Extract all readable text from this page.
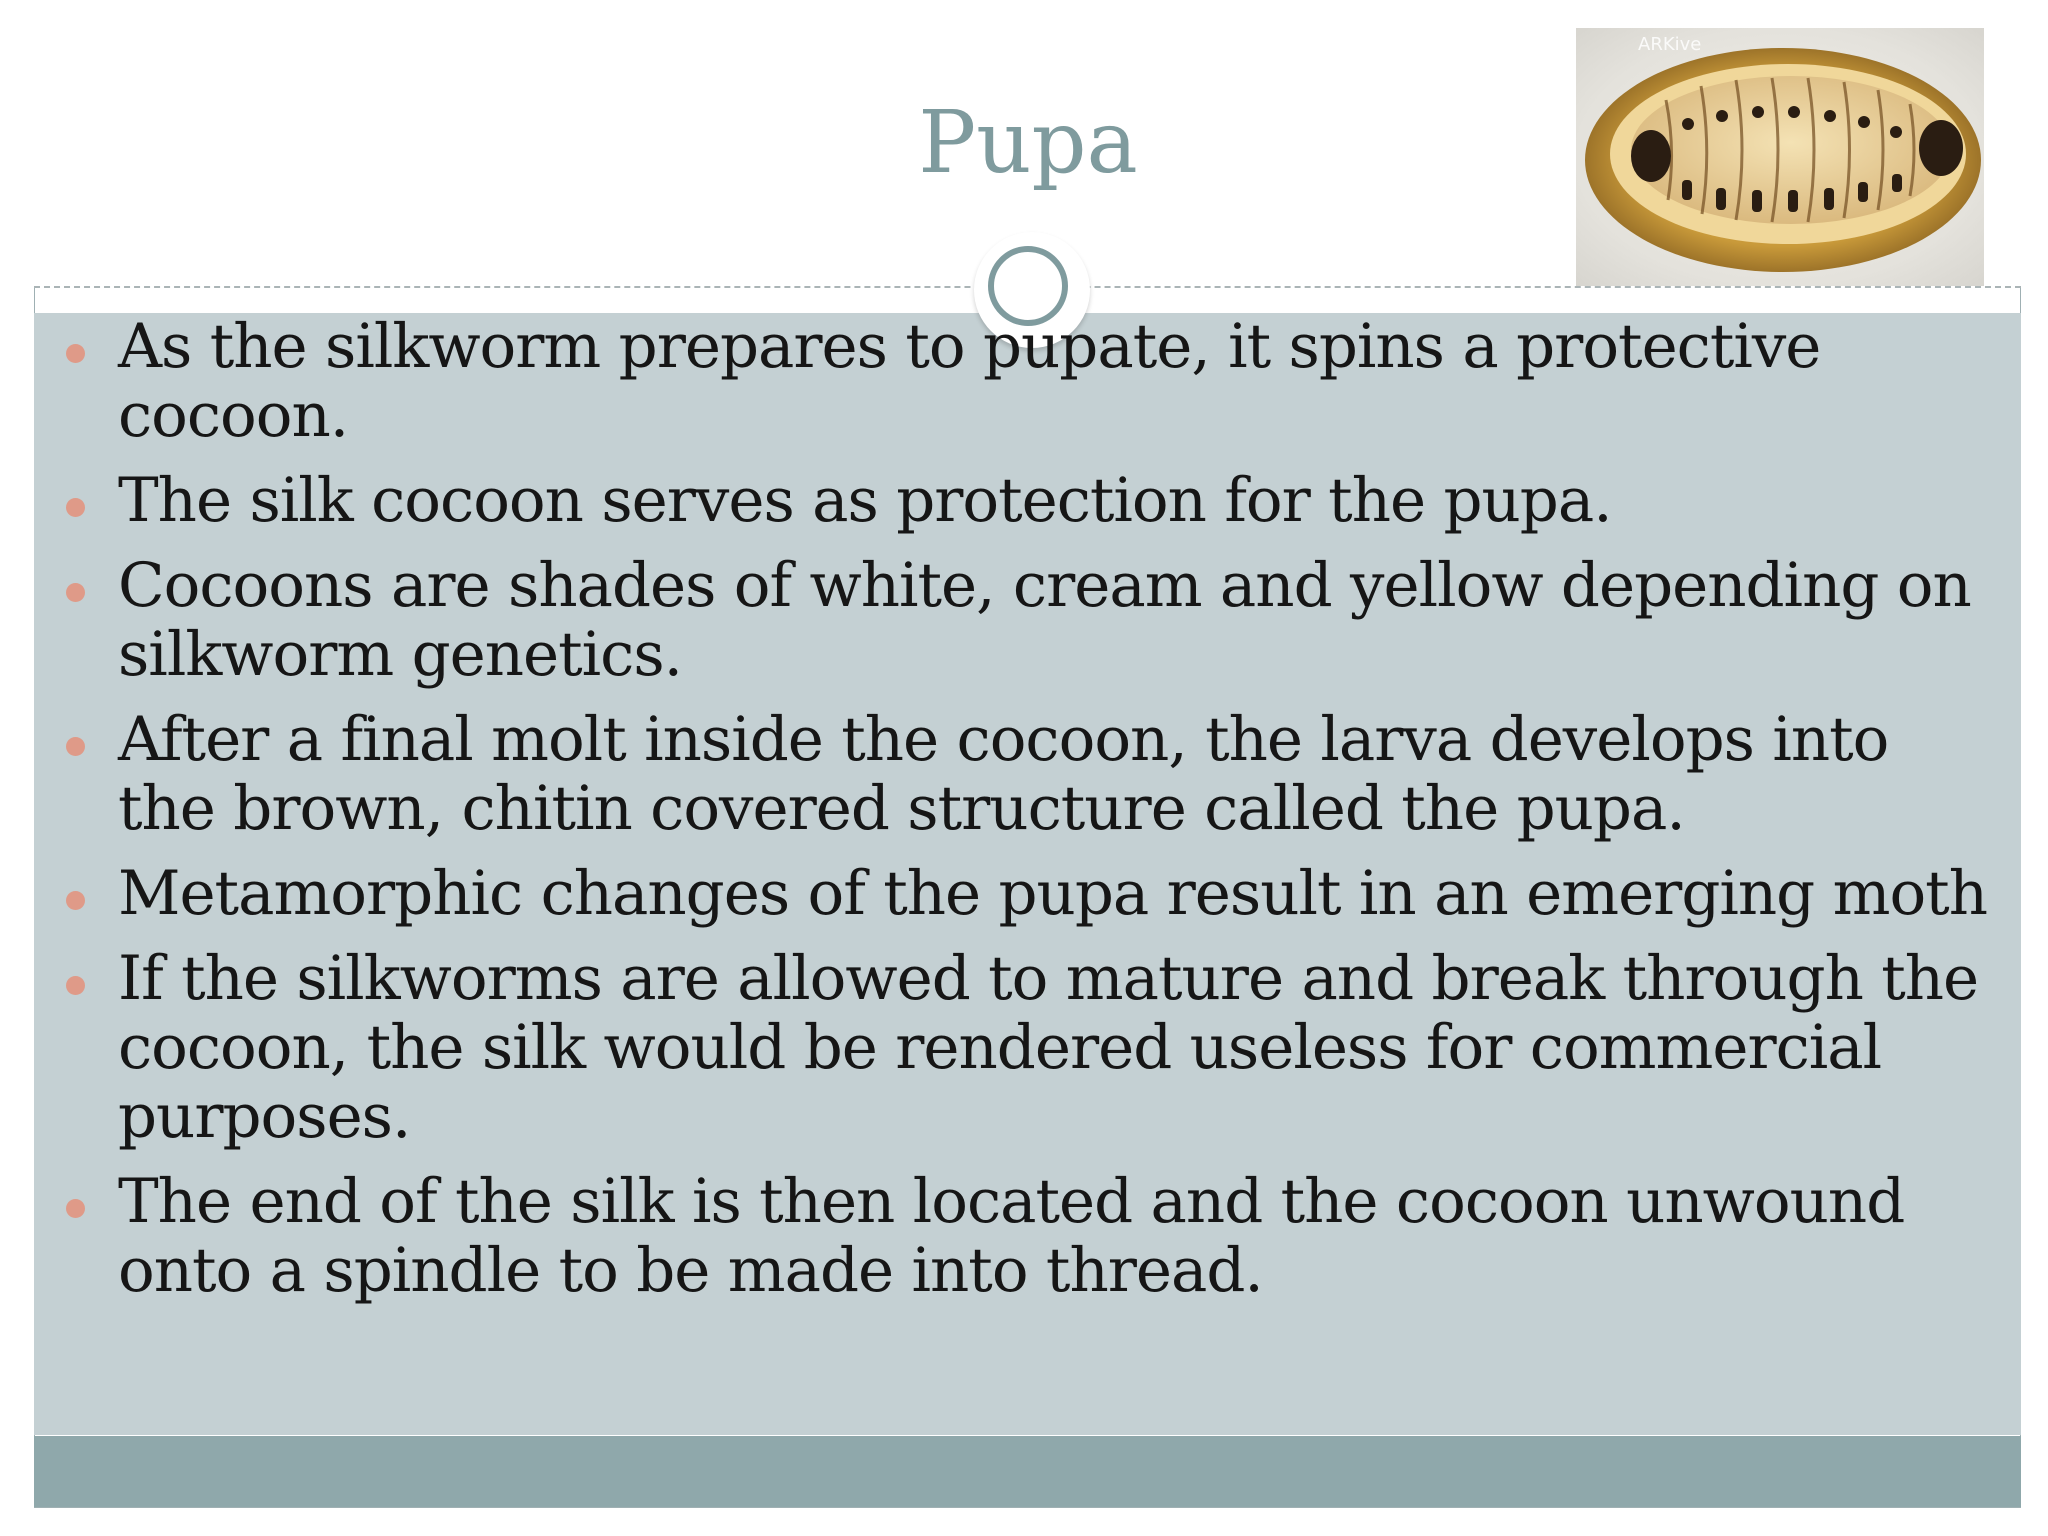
Pupa
ARKive
As the silkworm prepares to pupate, it spins a protective cocoon.
The silk cocoon serves as protection for the pupa.
Cocoons are shades of white, cream and yellow depending on silkworm genetics.
After a final molt inside the cocoon, the larva develops into the brown, chitin covered structure called the pupa.
Metamorphic changes of the pupa result in an emerging moth
If the silkworms are allowed to mature and break through the cocoon, the silk would be rendered useless for commercial purposes.
The end of the silk is then located and the cocoon unwound onto a spindle to be made into thread.
